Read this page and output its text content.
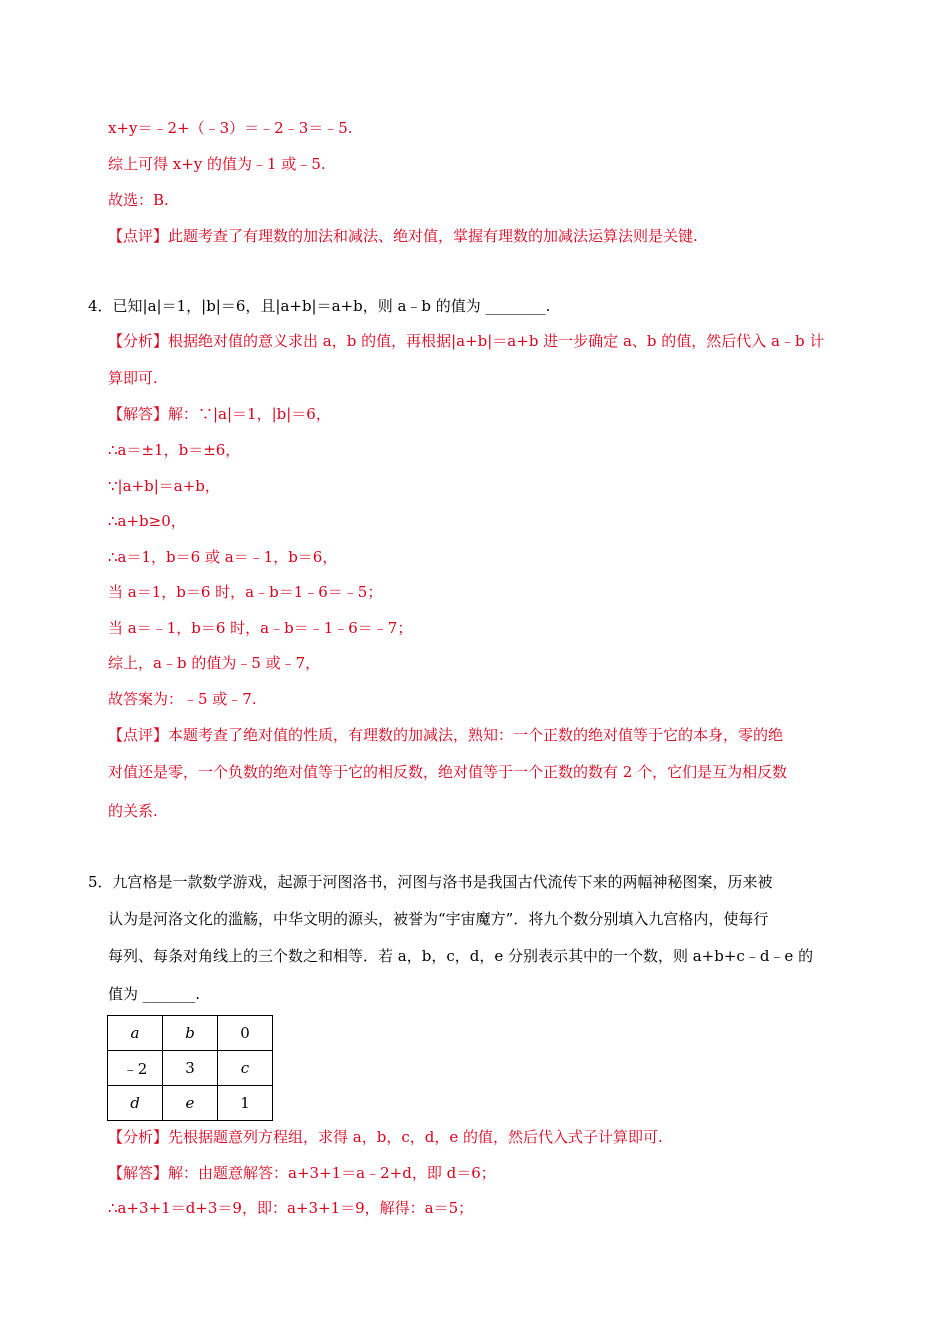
x+y＝﹣2+（﹣3）＝﹣2﹣3＝﹣5.
综上可得 x+y 的值为﹣1 或﹣5.
故选：B.
【点评】此题考查了有理数的加法和减法、绝对值，掌握有理数的加减法运算法则是关键.
4．已知|a|＝1，|b|＝6，且|a+b|＝a+b，则 a﹣b 的值为 ________.
【分析】根据绝对值的意义求出 a，b 的值，再根据|a+b|＝a+b 进一步确定 a、b 的值，然后代入 a﹣b 计
算即可.
【解答】解：∵|a|＝1，|b|＝6，
∴a＝±1，b＝±6，
∵|a+b|＝a+b，
∴a+b≥0，
∴a＝1，b＝6 或 a＝﹣1，b＝6，
当 a＝1，b＝6 时，a﹣b＝1﹣6＝﹣5；
当 a＝﹣1，b＝6 时，a﹣b＝﹣1﹣6＝﹣7；
综上，a﹣b 的值为﹣5 或﹣7，
故答案为：﹣5 或﹣7.
【点评】本题考查了绝对值的性质，有理数的加减法，熟知：一个正数的绝对值等于它的本身，零的绝
对值还是零，一个负数的绝对值等于它的相反数，绝对值等于一个正数的数有 2 个，它们是互为相反数
的关系.
5．九宫格是一款数学游戏，起源于河图洛书，河图与洛书是我国古代流传下来的两幅神秘图案，历来被
认为是河洛文化的滥觞，中华文明的源头，被誉为“宇宙魔方”．将九个数分别填入九宫格内，使每行
每列、每条对角线上的三个数之和相等．若 a，b，c，d，e 分别表示其中的一个数，则 a+b+c﹣d﹣e 的
值为 _______.
a	b	0
﹣2	3	c
d	e	1
【分析】先根据题意列方程组，求得 a，b，c，d，e 的值，然后代入式子计算即可.
【解答】解：由题意解答：a+3+1＝a﹣2+d，即 d＝6；
∴a+3+1＝d+3＝9，即：a+3+1＝9，解得：a＝5；
